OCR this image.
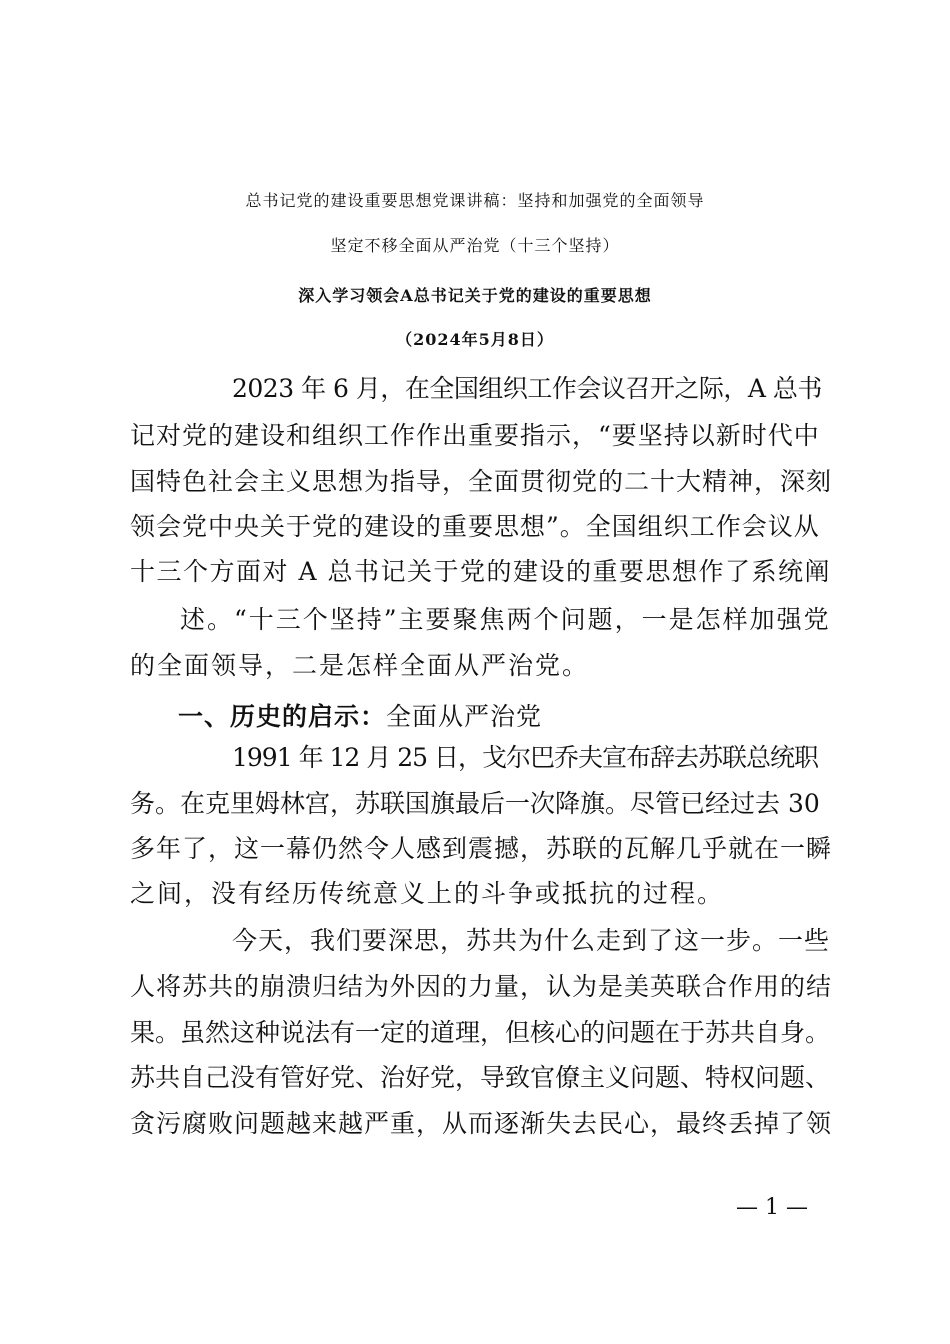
总书记党的建设重要思想党课讲稿：坚持和加强党的全面领导
坚定不移全面从严治党（十三个坚持）
深入学习领会A总书记关于党的建设的重要思想
（2024年5月8日）
2023 年 6 月，在全国组织工作会议召开之际，A 总书
记对党的建设和组织工作作出重要指示，“要坚持以新时代中
国特色社会主义思想为指导，全面贯彻党的二十大精神，深刻
领会党中央关于党的建设的重要思想”。全国组织工作会议从
十三个方面对 A 总书记关于党的建设的重要思想作了系统阐
述。“十三个坚持”主要聚焦两个问题，一是怎样加强党
的全面领导，二是怎样全面从严治党。
一、历史的启示：全面从严治党
1991 年 12 月 25 日，戈尔巴乔夫宣布辞去苏联总统职
务。在克里姆林宫，苏联国旗最后一次降旗。尽管已经过去 30
多年了，这一幕仍然令人感到震撼，苏联的瓦解几乎就在一瞬
之间，没有经历传统意义上的斗争或抵抗的过程。
今天，我们要深思，苏共为什么走到了这一步。一些
人将苏共的崩溃归结为外因的力量，认为是美英联合作用的结
果。虽然这种说法有一定的道理，但核心的问题在于苏共自身。
苏共自己没有管好党、治好党，导致官僚主义问题、特权问题、
贪污腐败问题越来越严重，从而逐渐失去民心，最终丢掉了领
— 1 —
